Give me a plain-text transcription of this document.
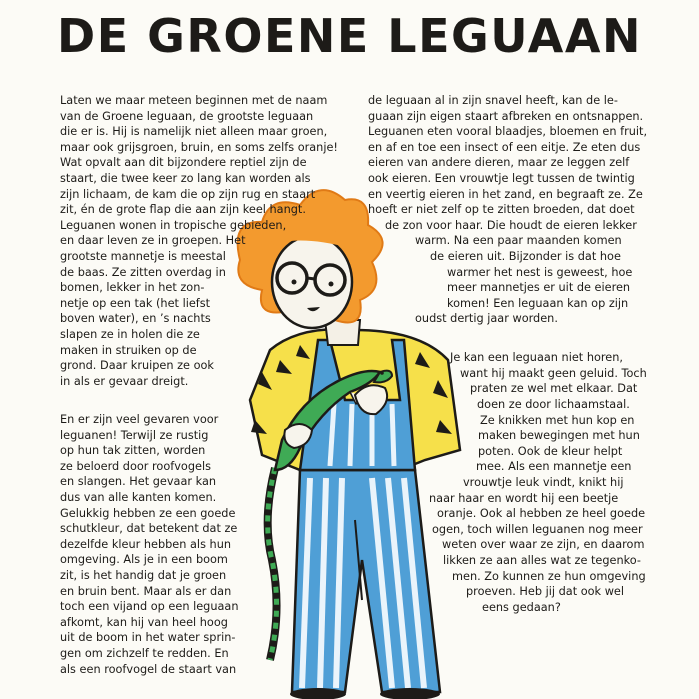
DE GROENE LEGUAAN

Laten we maar meteen beginnen met de naam

van de Groene leguaan, de grootste leguaan

die er is. Hij is namelijk niet alleen maar groen,

maar ook grijsgroen, bruin, en soms zelfs oranje!

Wat opvalt aan dit bijzondere reptiel zijn de

staart, die twee keer zo lang kan worden als

zijn lichaam, de kam die op zijn rug en staart

zit, én de grote flap die aan zijn keel hangt.

Leguanen wonen in tropische gebieden,

en daar leven ze in groepen. Het

grootste mannetje is meestal

de baas. Ze zitten overdag in

bomen, lekker in het zon-

netje op een tak (het liefst

boven water), en ’s nachts

slapen ze in holen die ze

maken in struiken op de

grond. Daar kruipen ze ook

in als er gevaar dreigt.

En er zijn veel gevaren voor

leguanen! Terwijl ze rustig

op hun tak zitten, worden

ze beloerd door roofvogels

en slangen. Het gevaar kan

dus van alle kanten komen.

Gelukkig hebben ze een goede

schutkleur, dat betekent dat ze

dezelfde kleur hebben als hun

omgeving. Als je in een boom

zit, is het handig dat je groen

en bruin bent. Maar als er dan

toch een vijand op een leguaan

afkomt, kan hij van heel hoog

uit de boom in het water sprin-

gen om zichzelf te redden. En

als een roofvogel de staart van

de leguaan al in zijn snavel heeft, kan de le-

guaan zijn eigen staart afbreken en ontsnappen.

Leguanen eten vooral blaadjes, bloemen en fruit,

en af en toe een insect of een eitje. Ze eten dus

eieren van andere dieren, maar ze leggen zelf

ook eieren. Een vrouwtje legt tussen de twintig

en veertig eieren in het zand, en begraaft ze. Ze

hoeft er niet zelf op te zitten broeden, dat doet

de zon voor haar. Die houdt de eieren lekker

warm. Na een paar maanden komen

de eieren uit. Bijzonder is dat hoe

warmer het nest is geweest, hoe

meer mannetjes er uit de eieren

komen! Een leguaan kan op zijn

oudst dertig jaar worden.

Je kan een leguaan niet horen,

want hij maakt geen geluid. Toch

praten ze wel met elkaar. Dat

doen ze door lichaamstaal.

Ze knikken met hun kop en

maken bewegingen met hun

poten. Ook de kleur helpt

mee. Als een mannetje een

vrouwtje leuk vindt, knikt hij

naar haar en wordt hij een beetje

oranje. Ook al hebben ze heel goede

ogen, toch willen leguanen nog meer

weten over waar ze zijn, en daarom

likken ze aan alles wat ze tegenko-

men. Zo kunnen ze hun omgeving

proeven. Heb jij dat ook wel

eens gedaan?
